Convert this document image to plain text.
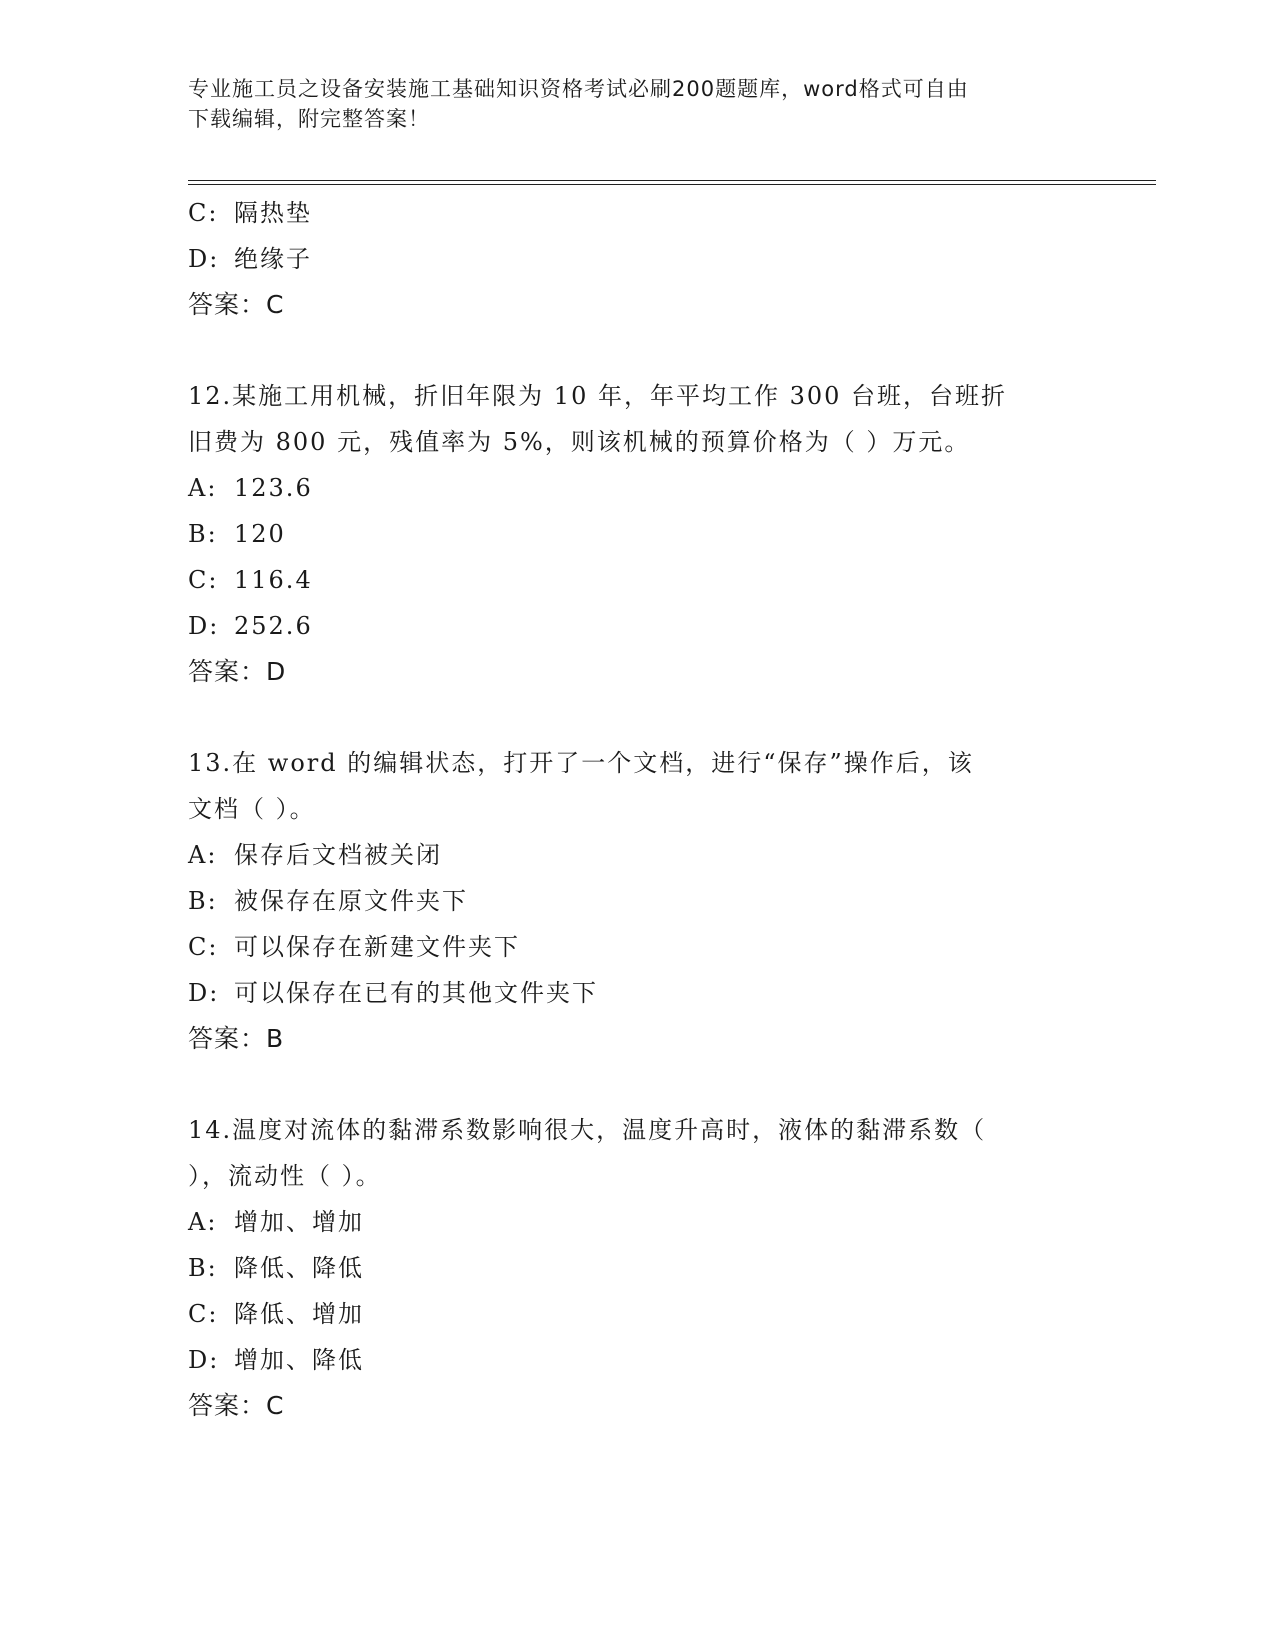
专业施工员之设备安装施工基础知识资格考试必刷200题题库，word格式可自由
下载编辑，附完整答案！
C: 隔热垫
D: 绝缘子
答案：C
12.某施工用机械，折旧年限为 10 年，年平均工作 300 台班，台班折
旧费为 800 元，残值率为 5%，则该机械的预算价格为（ ）万元。
A: 123.6
B: 120
C: 116.4
D: 252.6
答案：D
13.在 word 的编辑状态，打开了一个文档，进行“保存”操作后，该
文档（ ）。
A: 保存后文档被关闭
B: 被保存在原文件夹下
C: 可以保存在新建文件夹下
D: 可以保存在已有的其他文件夹下
答案：B
14.温度对流体的黏滞系数影响很大，温度升高时，液体的黏滞系数（
），流动性（ ）。
A: 增加、增加
B: 降低、降低
C: 降低、增加
D: 增加、降低
答案：C
